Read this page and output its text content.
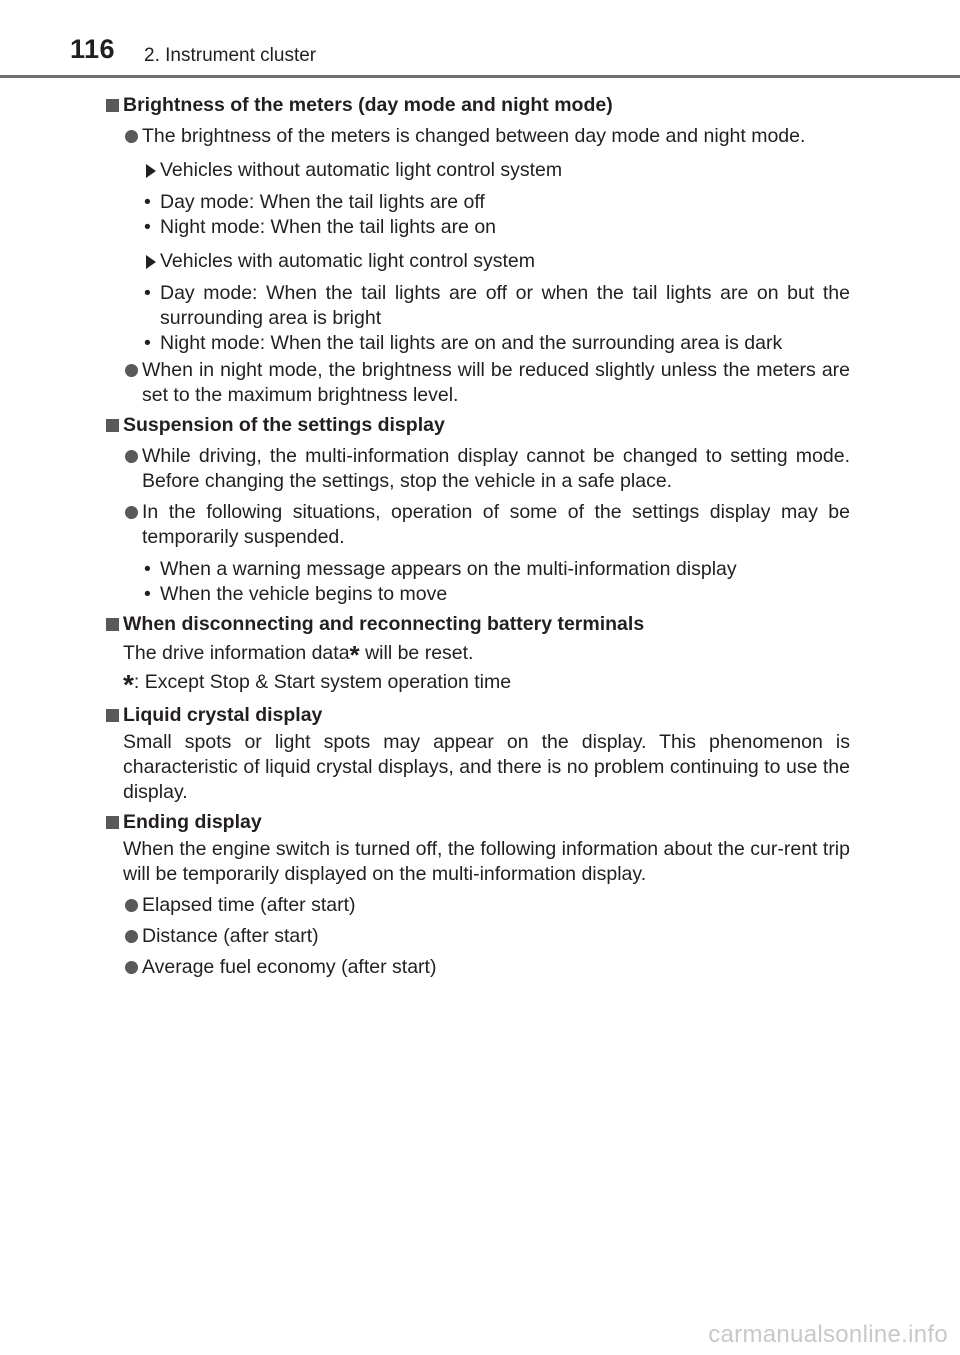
116 2. Instrument cluster
Brightness of the meters (day mode and night mode)
The brightness of the meters is changed between day mode and night mode.
Vehicles without automatic light control system
• Day mode: When the tail lights are off
• Night mode: When the tail lights are on
Vehicles with automatic light control system
• Day mode: When the tail lights are off or when the tail lights are on but the surrounding area is bright
• Night mode: When the tail lights are on and the surrounding area is dark
When in night mode, the brightness will be reduced slightly unless the meters are set to the maximum brightness level.
Suspension of the settings display
While driving, the multi-information display cannot be changed to setting mode. Before changing the settings, stop the vehicle in a safe place.
In the following situations, operation of some of the settings display may be temporarily suspended.
• When a warning message appears on the multi-information display
• When the vehicle begins to move
When disconnecting and reconnecting battery terminals
The drive information data* will be reset.
*: Except Stop & Start system operation time
Liquid crystal display
Small spots or light spots may appear on the display. This phenomenon is characteristic of liquid crystal displays, and there is no problem continuing to use the display.
Ending display
When the engine switch is turned off, the following information about the cur-rent trip will be temporarily displayed on the multi-information display.
Elapsed time (after start)
Distance (after start)
Average fuel economy (after start)
carmanualsonline.info
